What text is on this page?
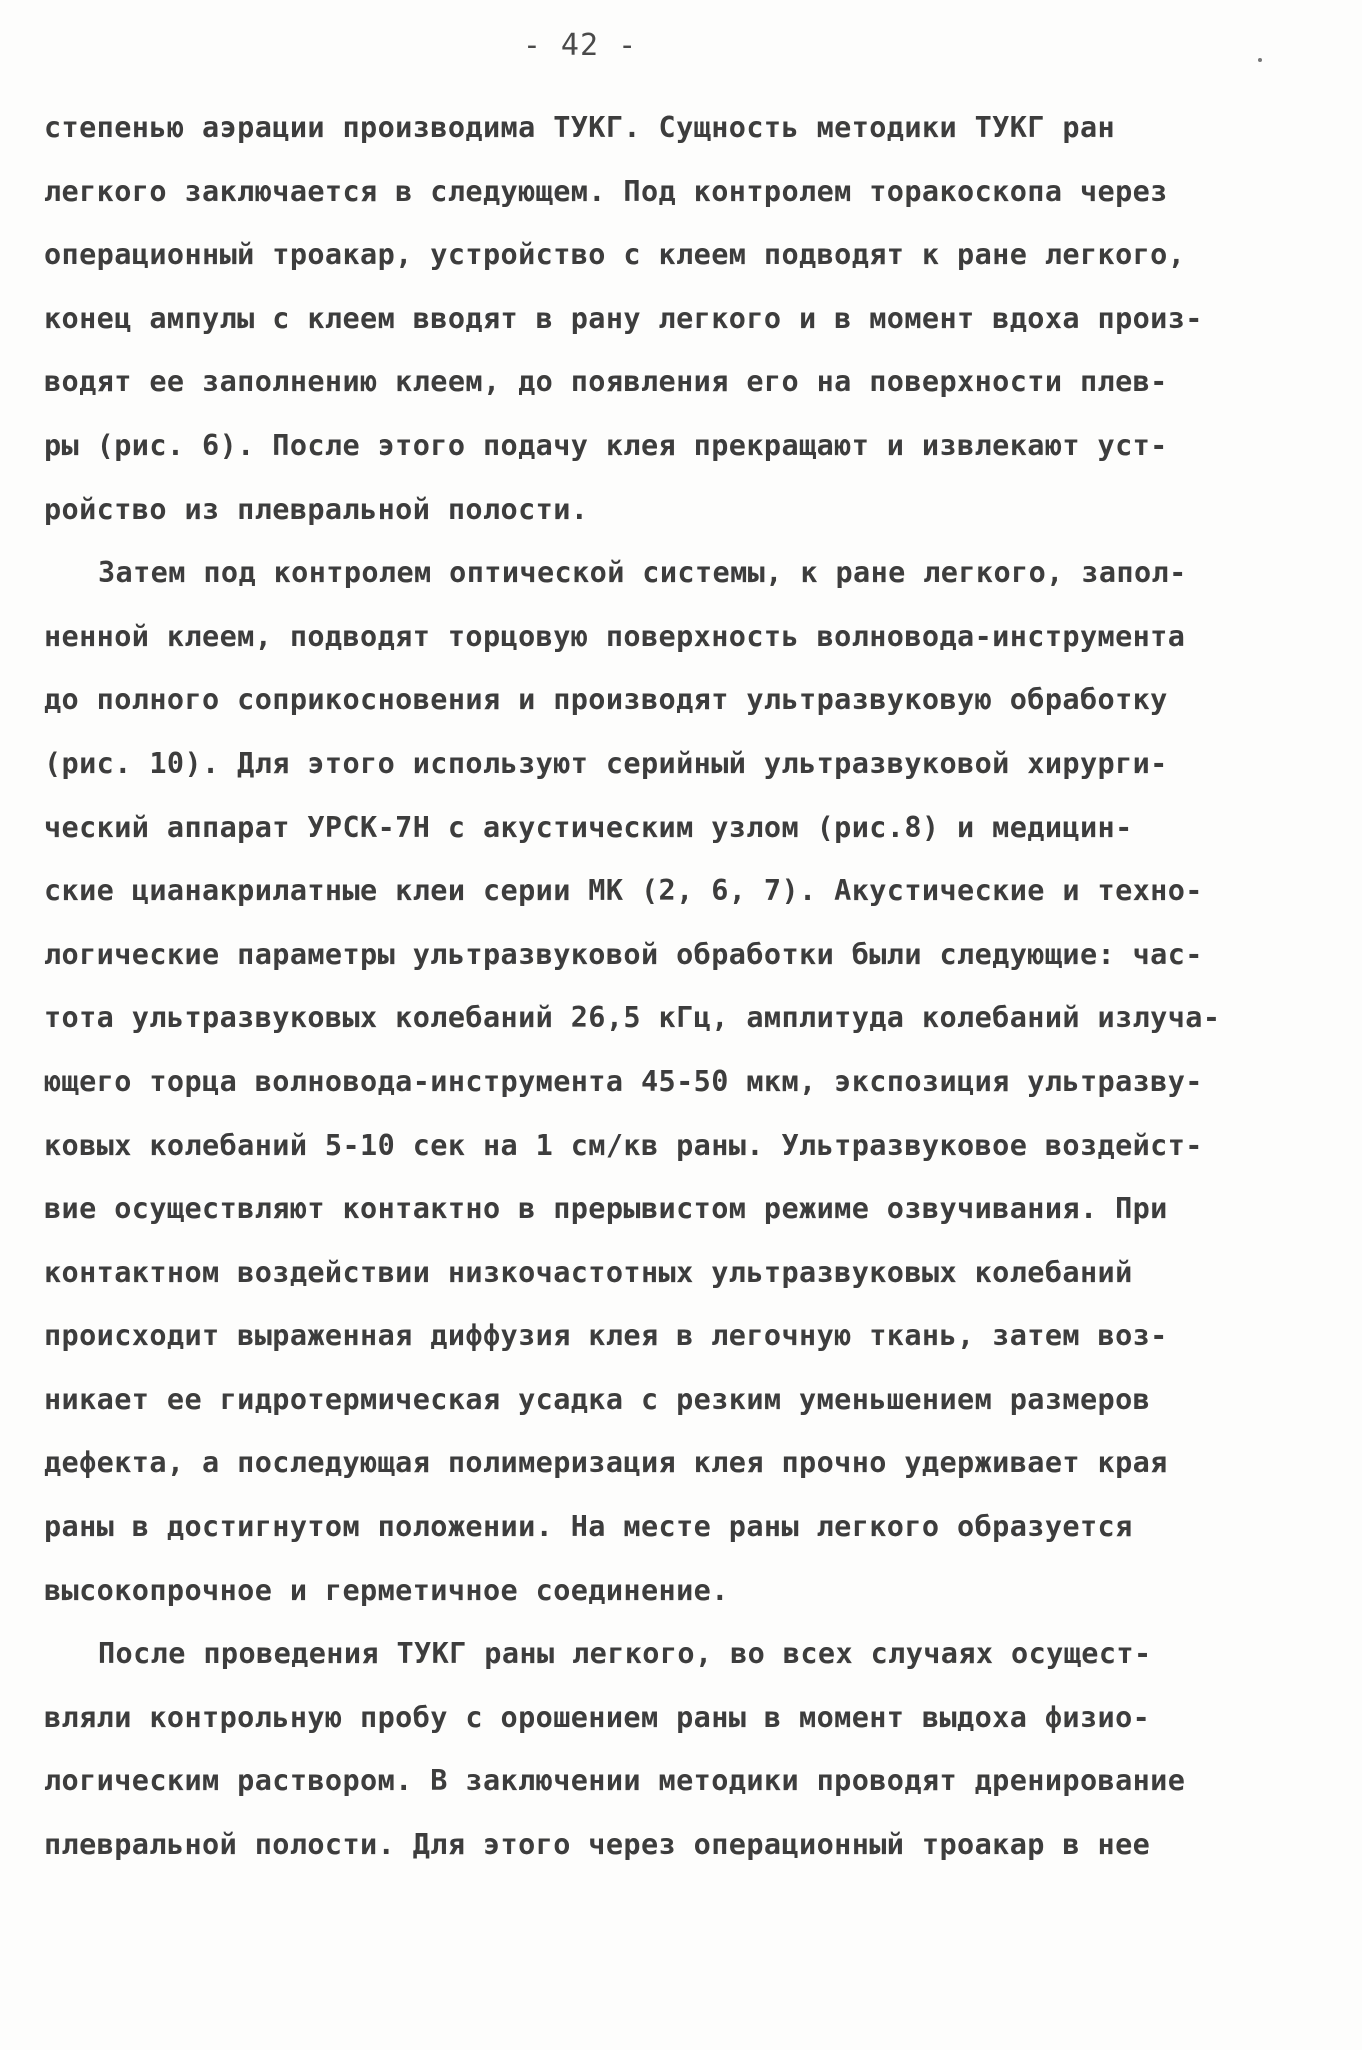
- 42 -
степенью аэрации производима ТУКГ. Сущность методики ТУКГ ран
легкого заключается в следующем. Под контролем торакоскопа через
операционный троакар, устройство с клеем подводят к ране легкого,
конец ампулы с клеем вводят в рану легкого и в момент вдоха произ-
водят ее заполнению клеем, до появления его на поверхности плев-
ры (рис. 6). После этого подачу клея прекращают и извлекают уст-
ройство из плевральной полости.
Затем под контролем оптической системы, к ране легкого, запол-
ненной клеем, подводят торцовую поверхность волновода-инструмента
до полного соприкосновения и производят ультразвуковую обработку
(рис. 10). Для этого используют серийный ультразвуковой хирурги-
ческий аппарат УРСК-7Н с акустическим узлом (рис.8) и медицин-
ские цианакрилатные клеи серии МК (2, 6, 7). Акустические и техно-
логические параметры ультразвуковой обработки были следующие: час-
тота ультразвуковых колебаний 26,5 кГц, амплитуда колебаний излуча-
ющего торца волновода-инструмента 45-50 мкм, экспозиция ультразву-
ковых колебаний 5-10 сек на 1 см/кв раны. Ультразвуковое воздейст-
вие осуществляют контактно в прерывистом режиме озвучивания. При
контактном воздействии низкочастотных ультразвуковых колебаний
происходит выраженная диффузия клея в легочную ткань, затем воз-
никает ее гидротермическая усадка с резким уменьшением размеров
дефекта, а последующая полимеризация клея прочно удерживает края
раны в достигнутом положении. На месте раны легкого образуется
высокопрочное и герметичное соединение.
После проведения ТУКГ раны легкого, во всех случаях осущест-
вляли контрольную пробу с орошением раны в момент выдоха физио-
логическим раствором. В заключении методики проводят дренирование
плевральной полости. Для этого через операционный троакар в нее
